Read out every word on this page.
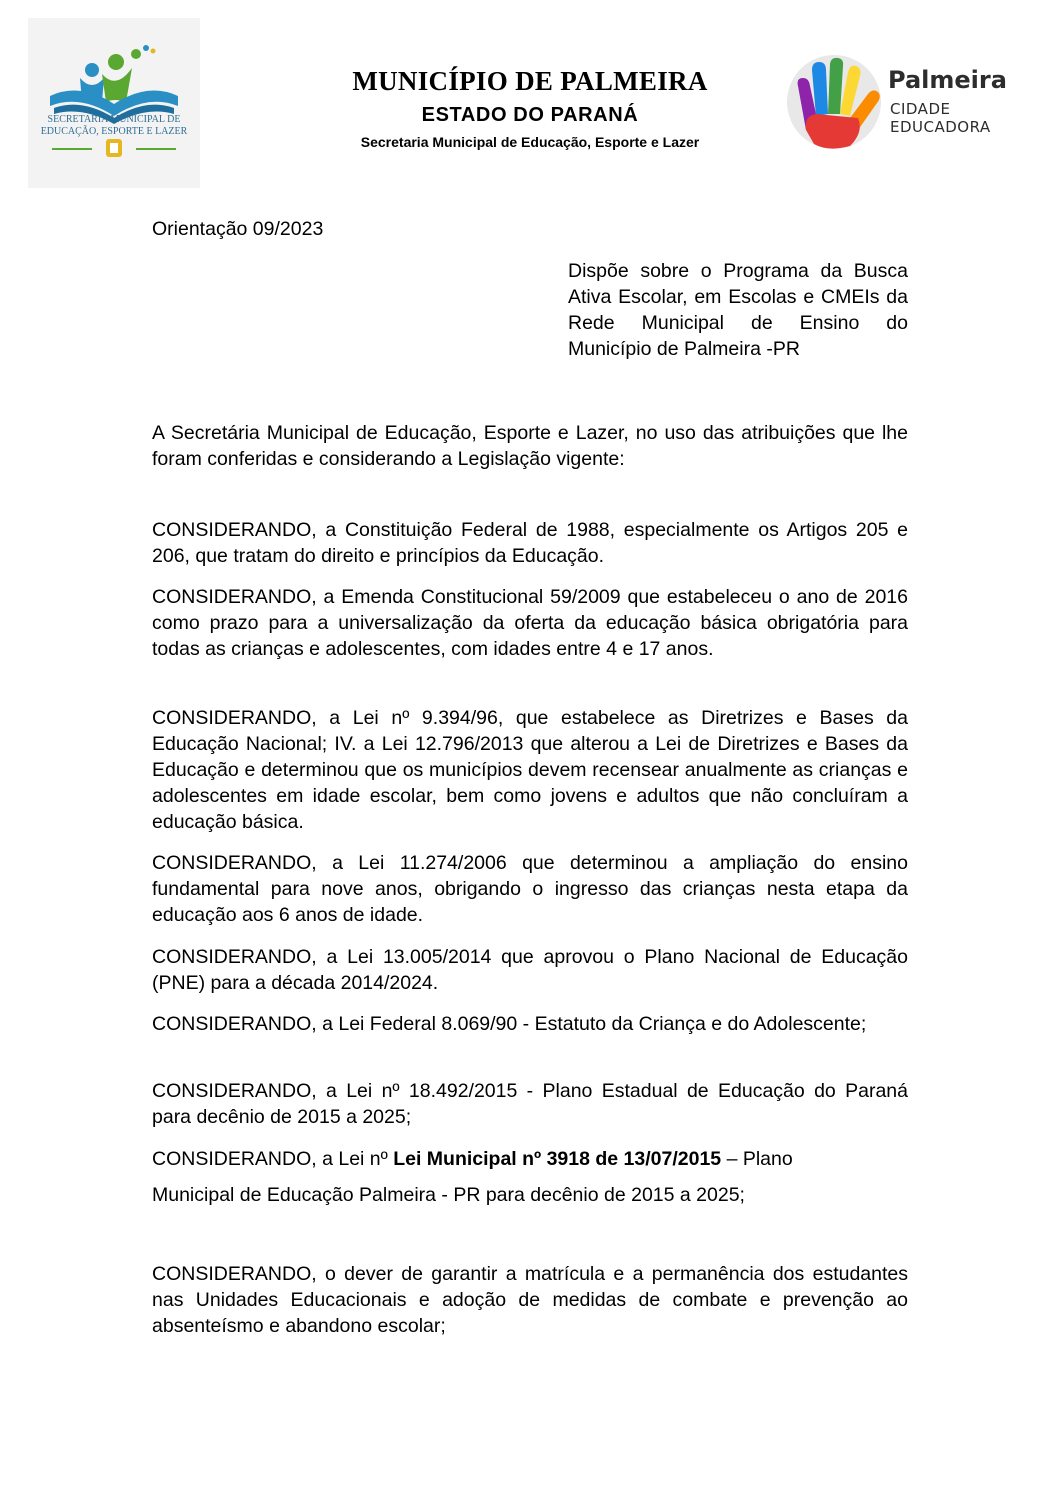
SECRETARIA MUNICIPAL DE
EDUCAÇÃO, ESPORTE E LAZER
MUNICÍPIO DE PALMEIRA
ESTADO DO PARANÁ
Secretaria Municipal de Educação, Esporte e Lazer
Palmeira
CIDADE
EDUCADORA
Orientação 09/2023
Dispõe sobre o Programa da Busca Ativa Escolar, em Escolas e CMEIs da Rede Municipal de Ensino do Município de Palmeira -PR
A Secretária Municipal de Educação, Esporte e Lazer, no uso das atribuições que lhe foram conferidas e considerando a Legislação vigente:
CONSIDERANDO, a Constituição Federal de 1988, especialmente os Artigos 205 e 206, que tratam do direito e princípios da Educação.
CONSIDERANDO, a Emenda Constitucional 59/2009 que estabeleceu o ano de 2016 como prazo para a universalização da oferta da educação básica obrigatória para todas as crianças e adolescentes, com idades entre 4 e 17 anos.
CONSIDERANDO, a Lei nº 9.394/96, que estabelece as Diretrizes e Bases da Educação Nacional; IV. a Lei 12.796/2013 que alterou a Lei de Diretrizes e Bases da Educação e determinou que os municípios devem recensear anualmente as crianças e adolescentes em idade escolar, bem como jovens e adultos que não concluíram a educação básica.
CONSIDERANDO, a Lei 11.274/2006 que determinou a ampliação do ensino fundamental para nove anos, obrigando o ingresso das crianças nesta etapa da educação aos 6 anos de idade.
CONSIDERANDO, a Lei 13.005/2014 que aprovou o Plano Nacional de Educação (PNE) para a década 2014/2024.
CONSIDERANDO, a Lei Federal 8.069/90 - Estatuto da Criança e do Adolescente;
CONSIDERANDO, a Lei nº 18.492/2015 - Plano Estadual de Educação do Paraná para decênio de 2015 a 2025;
CONSIDERANDO, a Lei nº Lei Municipal nº 3918 de 13/07/2015 – Plano
Municipal de Educação Palmeira - PR para decênio de 2015 a 2025;
CONSIDERANDO, o dever de garantir a matrícula e a permanência dos estudantes nas Unidades Educacionais e adoção de medidas de combate e prevenção ao absenteísmo e abandono escolar;
